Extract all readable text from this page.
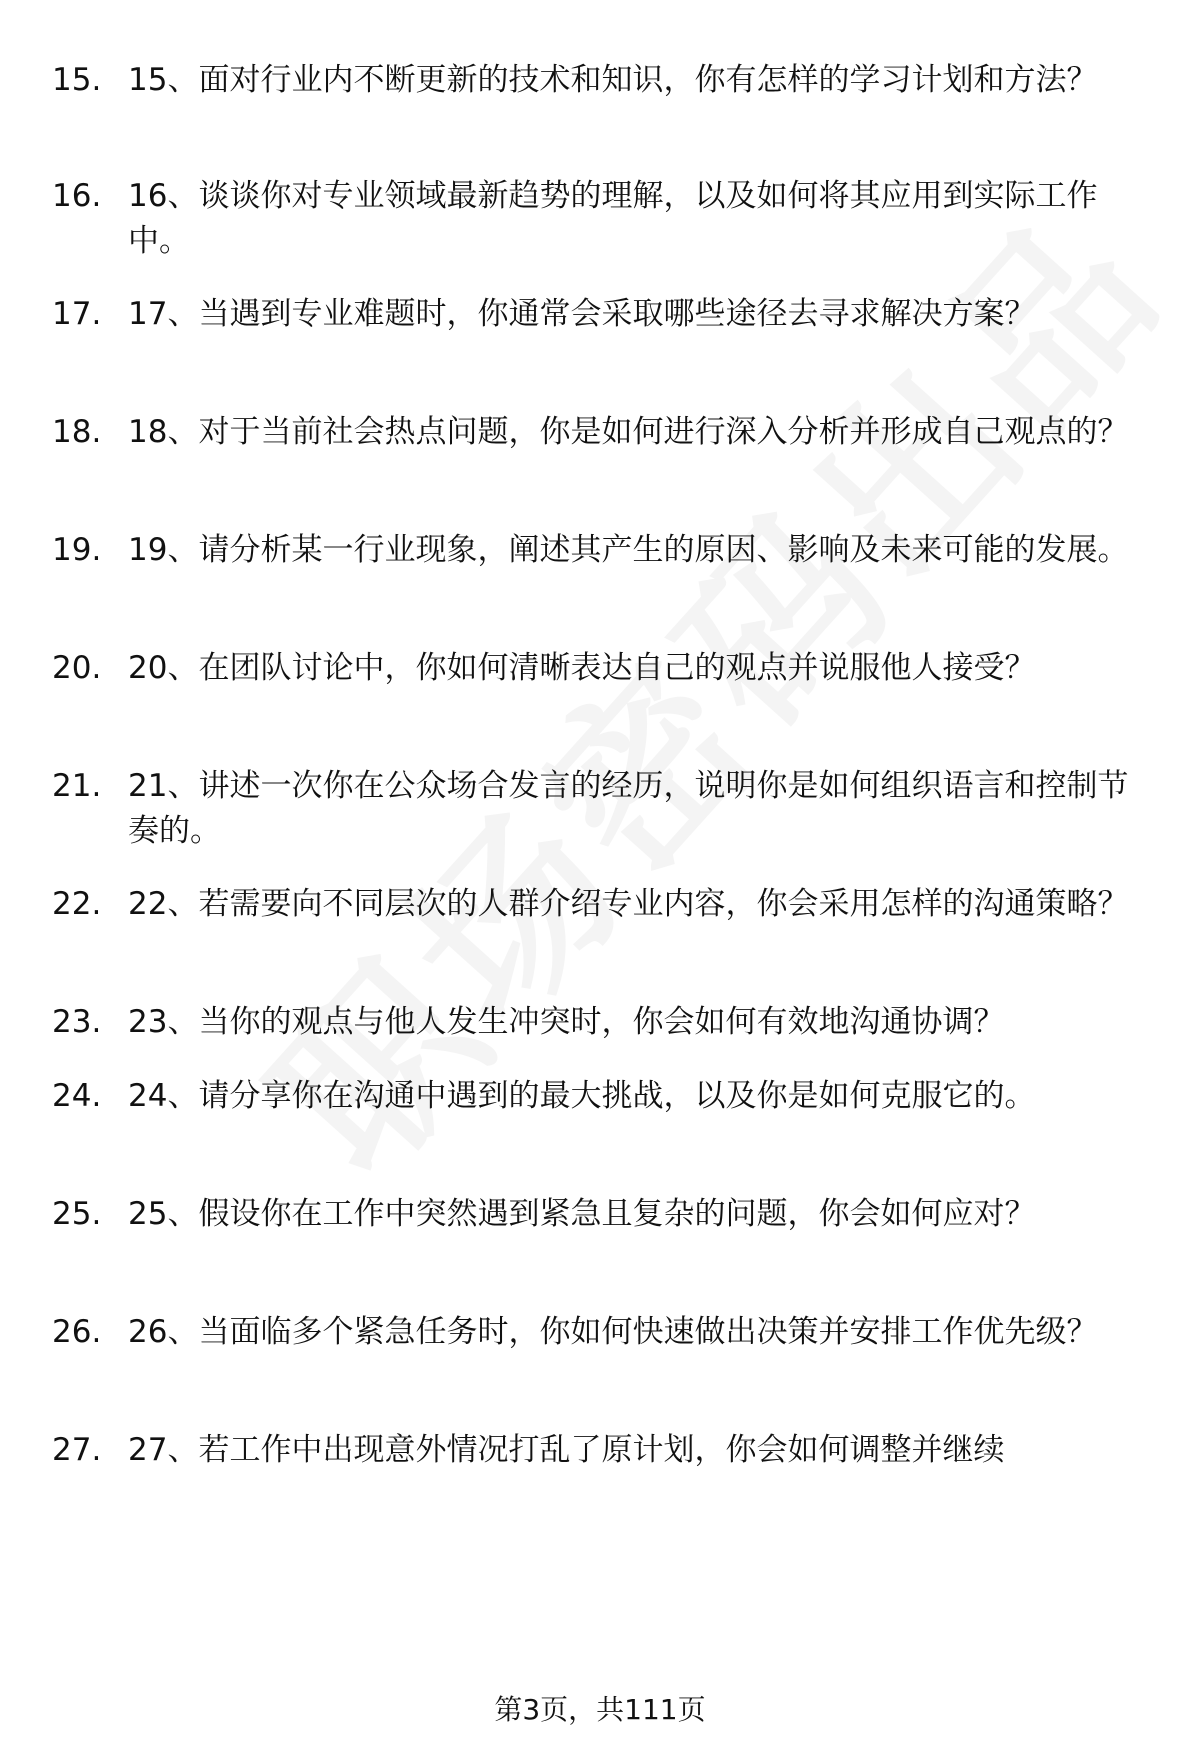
15. 15、面对行业内不断更新的技术和知识，你有怎样的学习计划和方法？
16. 16、谈谈你对专业领域最新趋势的理解，以及如何将其应用到实际工作中。
17. 17、当遇到专业难题时，你通常会采取哪些途径去寻求解决方案？
18. 18、对于当前社会热点问题，你是如何进行深入分析并形成自己观点的？
19. 19、请分析某一行业现象，阐述其产生的原因、影响及未来可能的发展。
20. 20、在团队讨论中，你如何清晰表达自己的观点并说服他人接受？
21. 21、讲述一次你在公众场合发言的经历，说明你是如何组织语言和控制节奏的。
22. 22、若需要向不同层次的人群介绍专业内容，你会采用怎样的沟通策略？
23. 23、当你的观点与他人发生冲突时，你会如何有效地沟通协调？
24. 24、请分享你在沟通中遇到的最大挑战，以及你是如何克服它的。
25. 25、假设你在工作中突然遇到紧急且复杂的问题，你会如何应对？
26. 26、当面临多个紧急任务时，你如何快速做出决策并安排工作优先级？
27. 27、若工作中出现意外情况打乱了原计划，你会如何调整并继续
第3页，共111页
